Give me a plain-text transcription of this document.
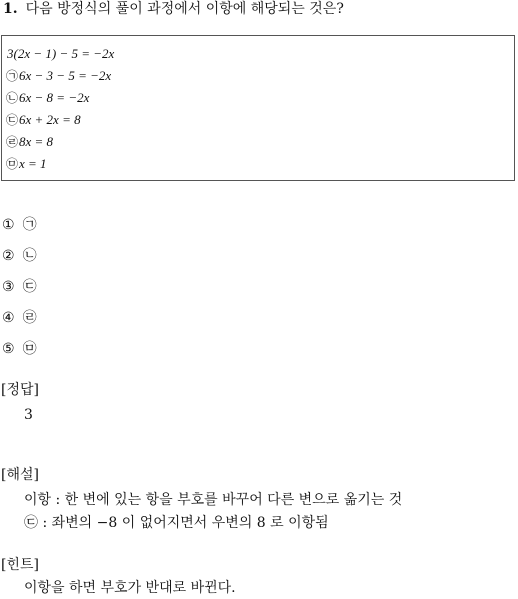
1. 다음 방정식의 풀이 과정에서 이항에 해당되는 것은?
3(2x − 1) − 5 = −2x
㉠6x − 3 − 5 = −2x
㉡6x − 8 = −2x
㉢6x + 2x = 8
㉣8x = 8
㉤x = 1
① ㉠
② ㉡
③ ㉢
④ ㉣
⑤ ㉤
[정답]
3
[해설]
이항 : 한 변에 있는 항을 부호를 바꾸어 다른 변으로 옮기는 것
㉢ : 좌변의 −8 이 없어지면서 우변의 8 로 이항됨
[힌트]
이항을 하면 부호가 반대로 바뀐다.
